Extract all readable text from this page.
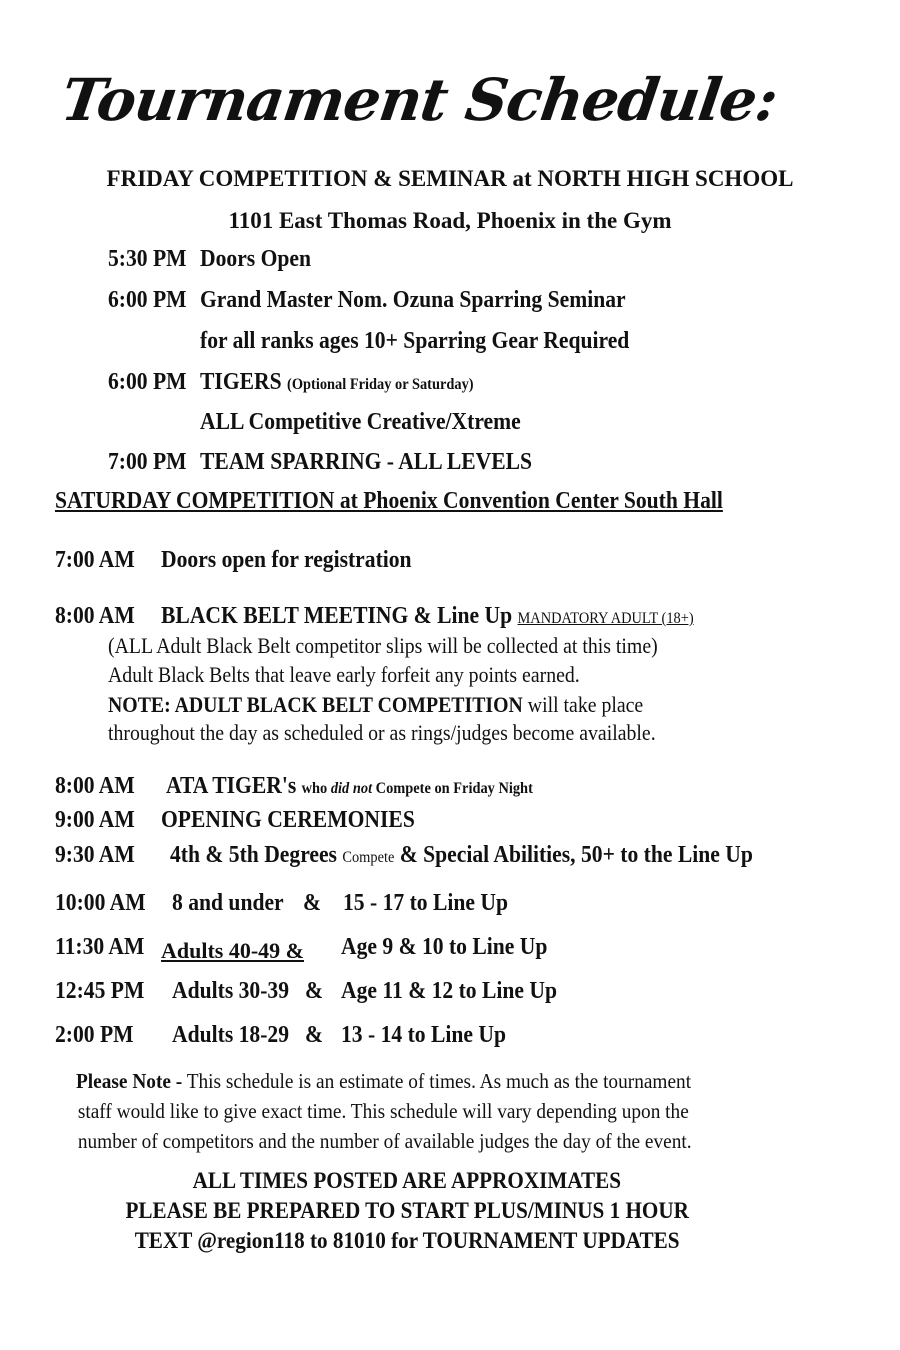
Tournament Schedule:
FRIDAY COMPETITION & SEMINAR at NORTH HIGH SCHOOL
1101 East Thomas Road, Phoenix in the Gym
5:30 PM Doors Open
6:00 PM Grand Master Nom. Ozuna Sparring Seminar
for all ranks ages 10+ Sparring Gear Required
6:00 PM TIGERS (Optional Friday or Saturday)
ALL Competitive Creative/Xtreme
7:00 PM TEAM SPARRING - ALL LEVELS
SATURDAY COMPETITION at Phoenix Convention Center South Hall
7:00 AM Doors open for registration
8:00 AM BLACK BELT MEETING & Line Up MANDATORY ADULT (18+)
(ALL Adult Black Belt competitor slips will be collected at this time)
Adult Black Belts that leave early forfeit any points earned.
NOTE: ADULT BLACK BELT COMPETITION will take place
throughout the day as scheduled or as rings/judges become available.
8:00 AM ATA TIGER's who did not Compete on Friday Night
9:00 AM OPENING CEREMONIES
9:30 AM 4th & 5th Degrees Compete & Special Abilities, 50+ to the Line Up
10:00 AM 8 and under & 15 - 17 to Line Up
11:30 AM Adults 40-49 & Age 9 & 10 to Line Up
12:45 PM Adults 30-39 & Age 11 & 12 to Line Up
2:00 PM Adults 18-29 & 13 - 14 to Line Up
Please Note - This schedule is an estimate of times. As much as the tournament
staff would like to give exact time. This schedule will vary depending upon the
number of competitors and the number of available judges the day of the event.
ALL TIMES POSTED ARE APPROXIMATES
PLEASE BE PREPARED TO START PLUS/MINUS 1 HOUR
TEXT @region118 to 81010 for TOURNAMENT UPDATES
